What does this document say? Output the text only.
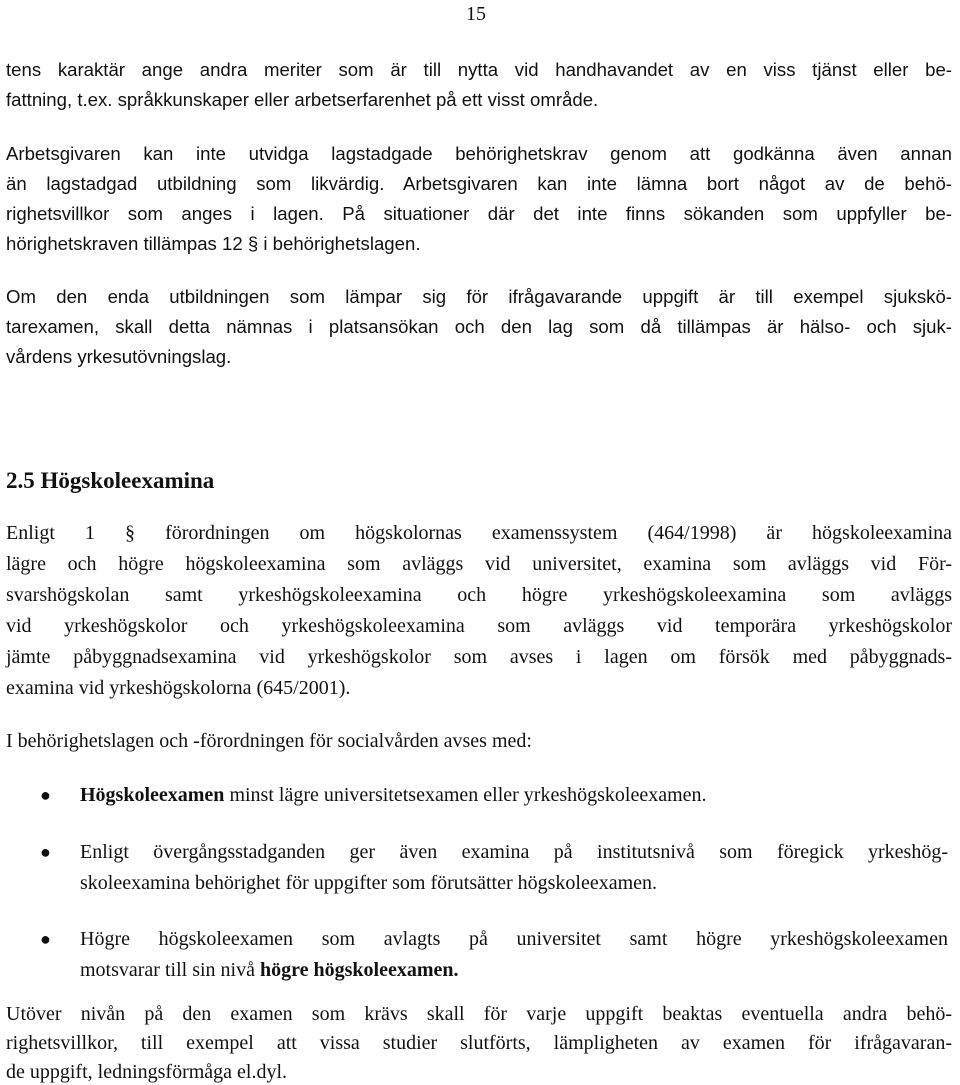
15
tens karaktär ange andra meriter som är till nytta vid handhavandet av en viss tjänst eller be-
fattning, t.ex. språkkunskaper eller arbetserfarenhet på ett visst område.
Arbetsgivaren kan inte utvidga lagstadgade behörighetskrav genom att godkänna även annan
än lagstadgad utbildning som likvärdig. Arbetsgivaren kan inte lämna bort något av de behö-
righetsvillkor som anges i lagen. På situationer där det inte finns sökanden som uppfyller be-
hörighetskraven tillämpas 12 § i behörighetslagen.
Om den enda utbildningen som lämpar sig för ifrågavarande uppgift är till exempel sjukskö-
tarexamen, skall detta nämnas i platsansökan och den lag som då tillämpas är hälso- och sjuk-
vårdens yrkesutövningslag.
2.5 Högskoleexamina
Enligt 1 § förordningen om högskolornas examenssystem (464/1998) är högskoleexamina
lägre och högre högskoleexamina som avläggs vid universitet, examina som avläggs vid För-
svarshögskolan samt yrkeshögskoleexamina och högre yrkeshögskoleexamina som avläggs
vid yrkeshögskolor och yrkeshögskoleexamina som avläggs vid temporära yrkeshögskolor
jämte påbyggnadsexamina vid yrkeshögskolor som avses i lagen om försök med påbyggnads-
examina vid yrkeshögskolorna (645/2001).
I behörighetslagen och -förordningen för socialvården avses med:
● Högskoleexamen minst lägre universitetsexamen eller yrkeshögskoleexamen.
● Enligt övergångsstadganden ger även examina på institutsnivå som föregick yrkeshög-
skoleexamina behörighet för uppgifter som förutsätter högskoleexamen.
● Högre högskoleexamen som avlagts på universitet samt högre yrkeshögskoleexamen
motsvarar till sin nivå högre högskoleexamen.
Utöver nivån på den examen som krävs skall för varje uppgift beaktas eventuella andra behö-
righetsvillkor, till exempel att vissa studier slutförts, lämpligheten av examen för ifrågavaran-
de uppgift, ledningsförmåga el.dyl.
